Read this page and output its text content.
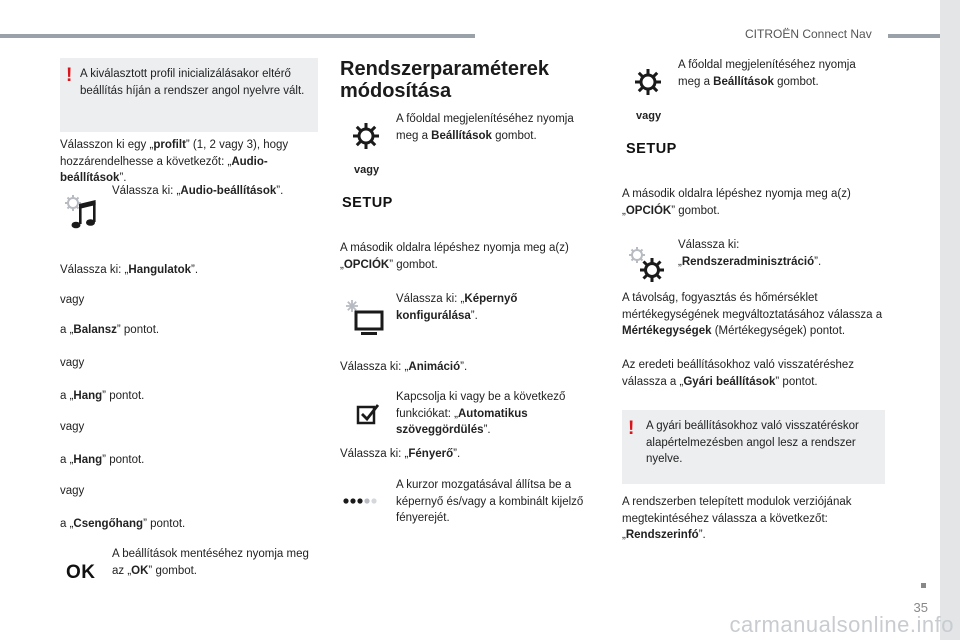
CITROËN Connect Nav
! A kiválasztott profil inicializálásakor eltérő beállítás híján a rendszer angol nyelvre vált.
Válasszon ki egy „profilt” (1, 2 vagy 3), hogy hozzárendelhesse a következőt: „Audio-beállítások”.
Válassza ki: „Audio-beállítások”.
Válassza ki: „Hangulatok”.
vagy
a „Balansz” pontot.
vagy
a „Hang” pontot.
vagy
a „Hang” pontot.
vagy
a „Csengőhang” pontot.
OK
A beállítások mentéséhez nyomja meg az „OK” gombot.
Rendszerparaméterek
módosítása
A főoldal megjelenítéséhez nyomja meg a Beállítások gombot.
vagy
SETUP
A második oldalra lépéshez nyomja meg a(z) „OPCIÓK” gombot.
Válassza ki: „Képernyő konfigurálása”.
Válassza ki: „Animáció”.
Kapcsolja ki vagy be a következő funkciókat: „Automatikus szöveggördülés”.
Válassza ki: „Fényerő”.
A kurzor mozgatásával állítsa be a képernyő és/vagy a kombinált kijelző fényerejét.
A főoldal megjelenítéséhez nyomja meg a Beállítások gombot.
vagy
SETUP
A második oldalra lépéshez nyomja meg a(z) „OPCIÓK” gombot.
Válassza ki: „Rendszeradminisztráció”.
A távolság, fogyasztás és hőmérséklet mértékegységének megváltoztatásához válassza a Mértékegységek (Mértékegységek) pontot.
Az eredeti beállításokhoz való visszatéréshez válassza a „Gyári beállítások” pontot.
! A gyári beállításokhoz való visszatéréskor alapértelmezésben angol lesz a rendszer nyelve.
A rendszerben telepített modulok verziójának megtekintéséhez válassza a következőt: „Rendszerinfó”.
35
carmanualsonline.info
